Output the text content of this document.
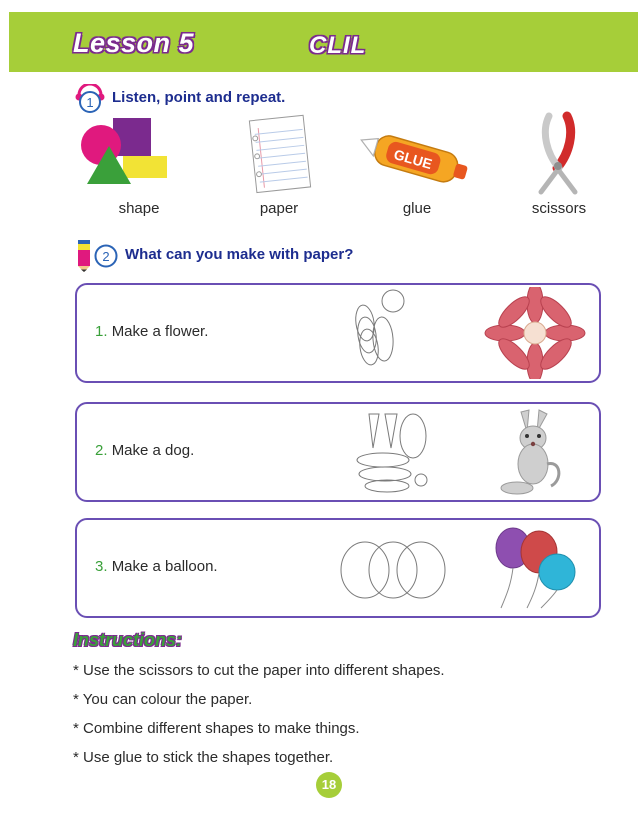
Lesson 5	CLIL
1 Listen, point and repeat.
shape	paper
GLUE
glue	scissors
2 What can you make with paper?
1. Make a flower.
2. Make a dog.
3. Make a balloon.
Instructions:
* Use the scissors to cut the paper into different shapes.
* You can colour the paper.
* Combine different shapes to make things.
* Use glue to stick the shapes together.
18
